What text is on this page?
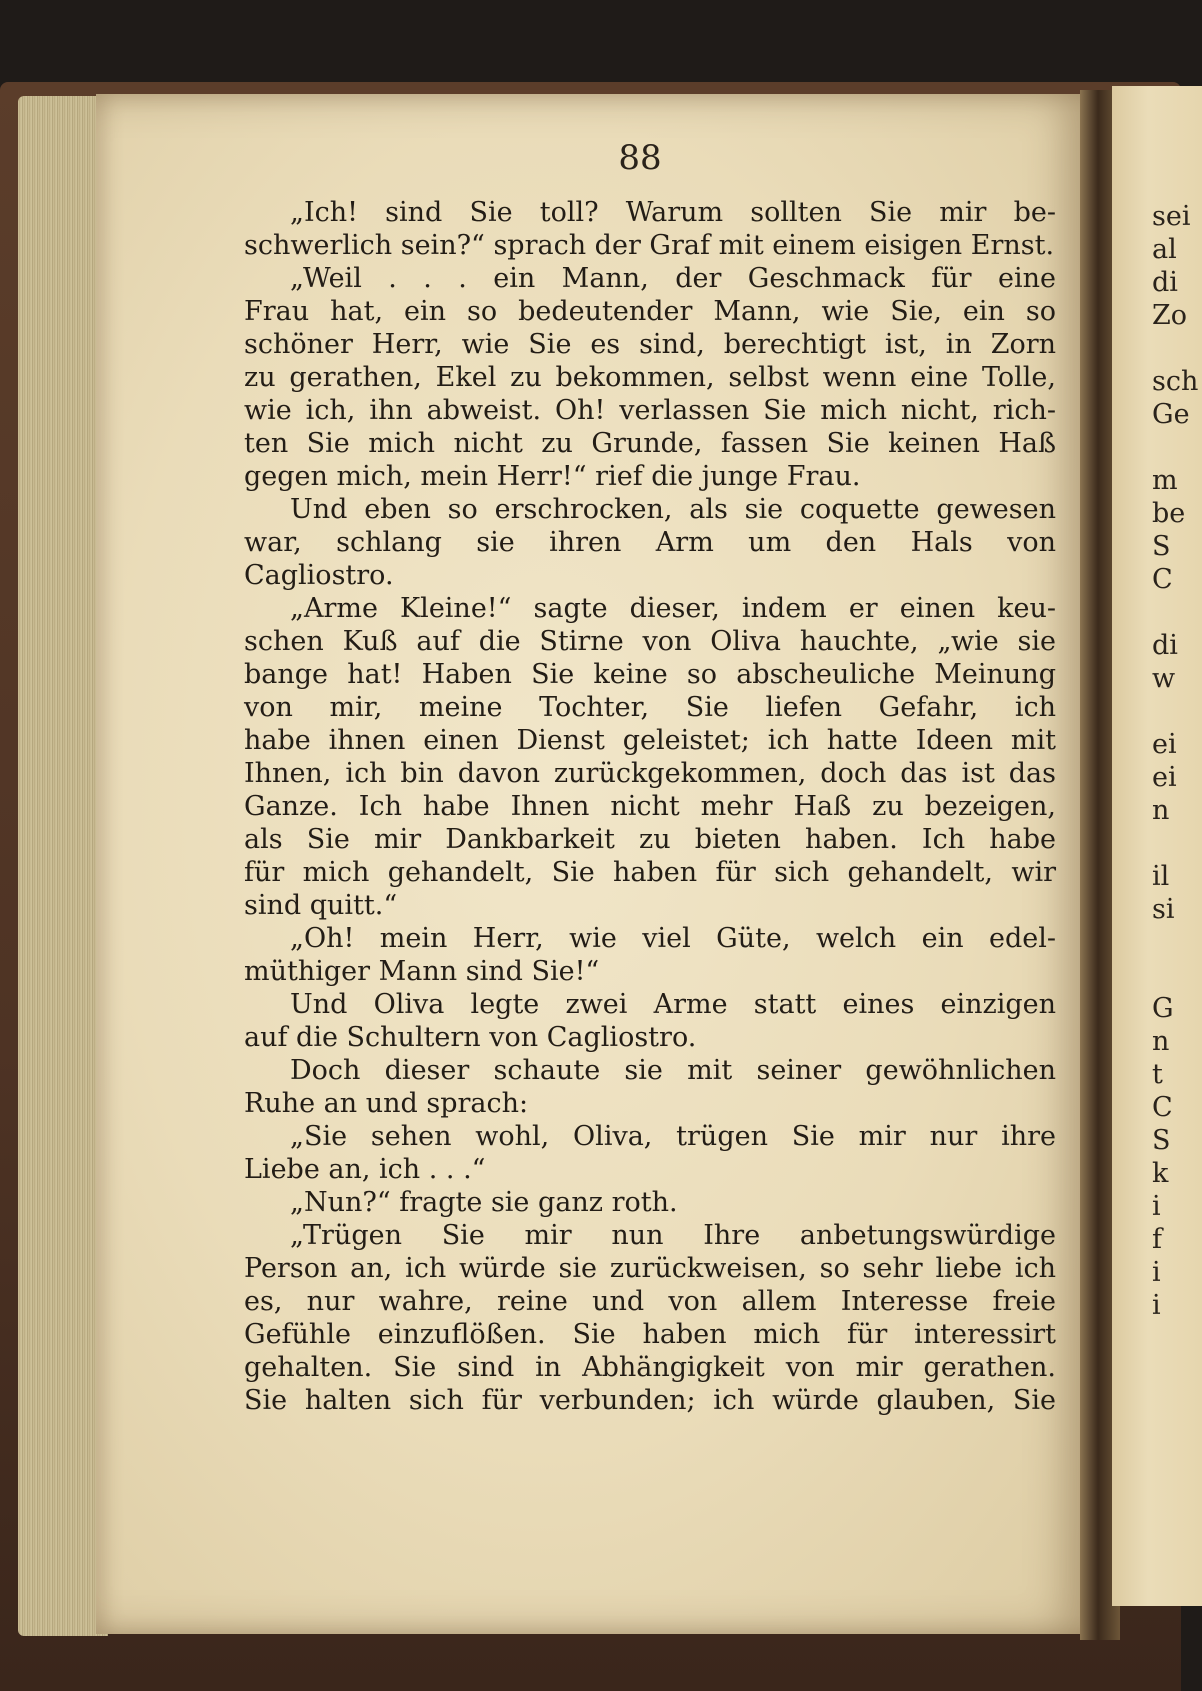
88
„Ich! sind Sie toll? Warum sollten Sie mir be-
schwerlich sein?“ sprach der Graf mit einem eisigen Ernst.
„Weil . . . ein Mann, der Geschmack für eine
Frau hat, ein so bedeutender Mann, wie Sie, ein so
schöner Herr, wie Sie es sind, berechtigt ist, in Zorn
zu gerathen, Ekel zu bekommen, selbst wenn eine Tolle,
wie ich, ihn abweist. Oh! verlassen Sie mich nicht, rich-
ten Sie mich nicht zu Grunde, fassen Sie keinen Haß
gegen mich, mein Herr!“ rief die junge Frau.
Und eben so erschrocken, als sie coquette gewesen
war, schlang sie ihren Arm um den Hals von
Cagliostro.
„Arme Kleine!“ sagte dieser, indem er einen keu-
schen Kuß auf die Stirne von Oliva hauchte, „wie sie
bange hat! Haben Sie keine so abscheuliche Meinung
von mir, meine Tochter, Sie liefen Gefahr, ich
habe ihnen einen Dienst geleistet; ich hatte Ideen mit
Ihnen, ich bin davon zurückgekommen, doch das ist das
Ganze. Ich habe Ihnen nicht mehr Haß zu bezeigen,
als Sie mir Dankbarkeit zu bieten haben. Ich habe
für mich gehandelt, Sie haben für sich gehandelt, wir
sind quitt.“
„Oh! mein Herr, wie viel Güte, welch ein edel-
müthiger Mann sind Sie!“
Und Oliva legte zwei Arme statt eines einzigen
auf die Schultern von Cagliostro.
Doch dieser schaute sie mit seiner gewöhnlichen
Ruhe an und sprach:
„Sie sehen wohl, Oliva, trügen Sie mir nur ihre
Liebe an, ich . . .“
„Nun?“ fragte sie ganz roth.
„Trügen Sie mir nun Ihre anbetungswürdige
Person an, ich würde sie zurückweisen, so sehr liebe ich
es, nur wahre, reine und von allem Interesse freie
Gefühle einzuflößen. Sie haben mich für interessirt
gehalten. Sie sind in Abhängigkeit von mir gerathen.
Sie halten sich für verbunden; ich würde glauben, Sie
sei
al
di
Zo
sch
Ge
m
be
S
C
di
w
ei
ei
n
il
si
G
n
t
C
S
k
i
f
i
i
